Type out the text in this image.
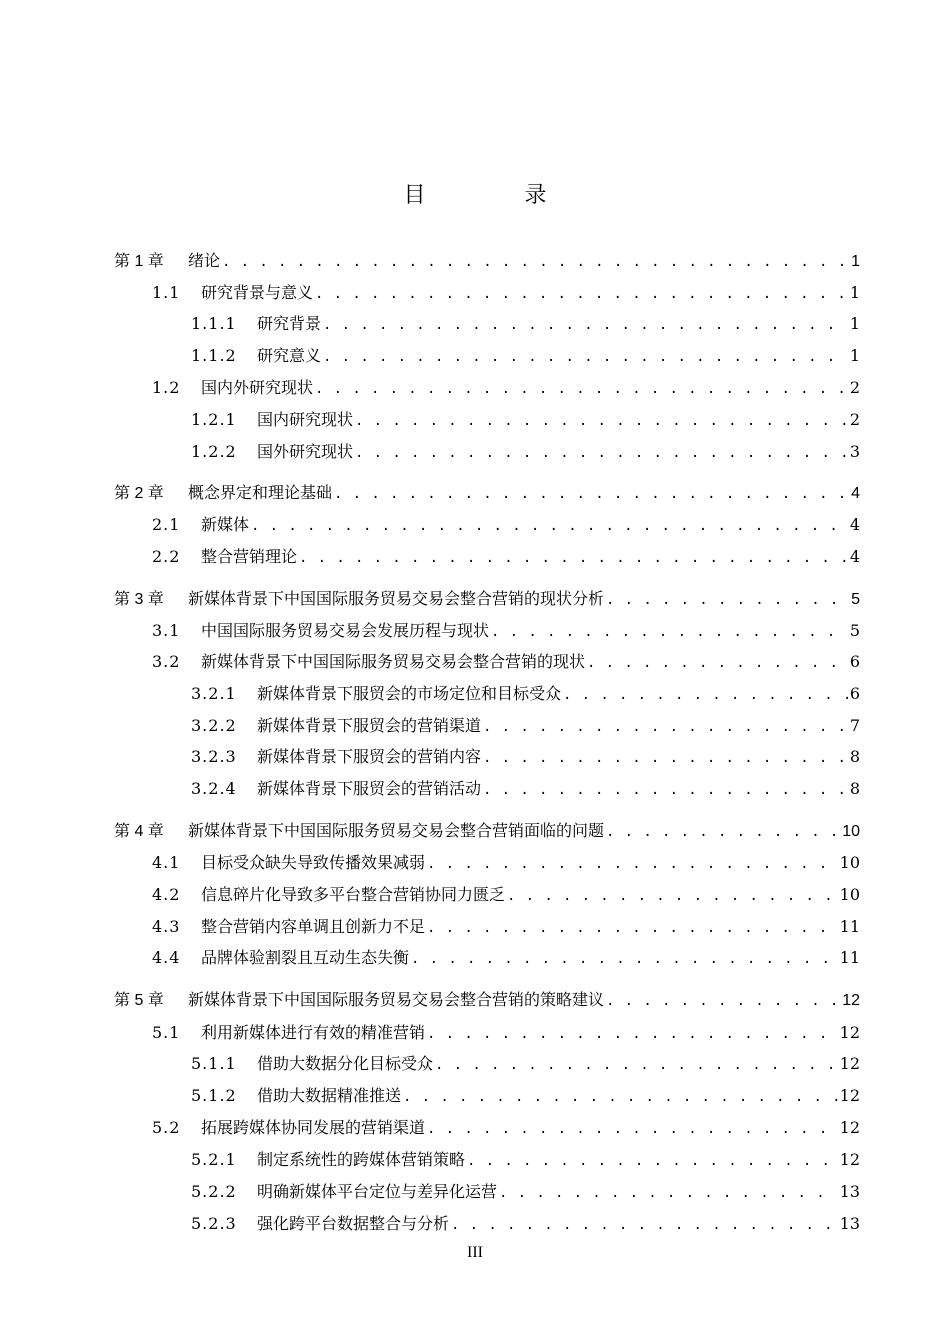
目 录
第 1 章	绪论 . . .	1
1.1	研究背景与意义 . . .	1
1.1.1	研究背景 . . .	1
1.1.2	研究意义 . . .	1
1.2	国内外研究现状 . . .	2
1.2.1	国内研究现状 . . .	2
1.2.2	国外研究现状 . . .	3
第 2 章	概念界定和理论基础 . . .	4
2.1	新媒体 . . .	4
2.2	整合营销理论 . . .	4
第 3 章	新媒体背景下中国国际服务贸易交易会整合营销的现状分析 . . .	5
3.1	中国国际服务贸易交易会发展历程与现状 . . .	5
3.2	新媒体背景下中国国际服务贸易交易会整合营销的现状 . . .	6
3.2.1	新媒体背景下服贸会的市场定位和目标受众 . . .	6
3.2.2	新媒体背景下服贸会的营销渠道 . . .	7
3.2.3	新媒体背景下服贸会的营销内容 . . .	8
3.2.4	新媒体背景下服贸会的营销活动 . . .	8
第 4 章	新媒体背景下中国国际服务贸易交易会整合营销面临的问题 . . .	10
4.1	目标受众缺失导致传播效果减弱 . . .	10
4.2	信息碎片化导致多平台整合营销协同力匮乏 . . .	10
4.3	整合营销内容单调且创新力不足 . . .	11
4.4	品牌体验割裂且互动生态失衡 . . .	11
第 5 章	新媒体背景下中国国际服务贸易交易会整合营销的策略建议 . . .	12
5.1	利用新媒体进行有效的精准营销 . . .	12
5.1.1	借助大数据分化目标受众 . . .	12
5.1.2	借助大数据精准推送 . . .	12
5.2	拓展跨媒体协同发展的营销渠道 . . .	12
5.2.1	制定系统性的跨媒体营销策略 . . .	12
5.2.2	明确新媒体平台定位与差异化运营 . . .	13
5.2.3	强化跨平台数据整合与分析 . . .	13
III
